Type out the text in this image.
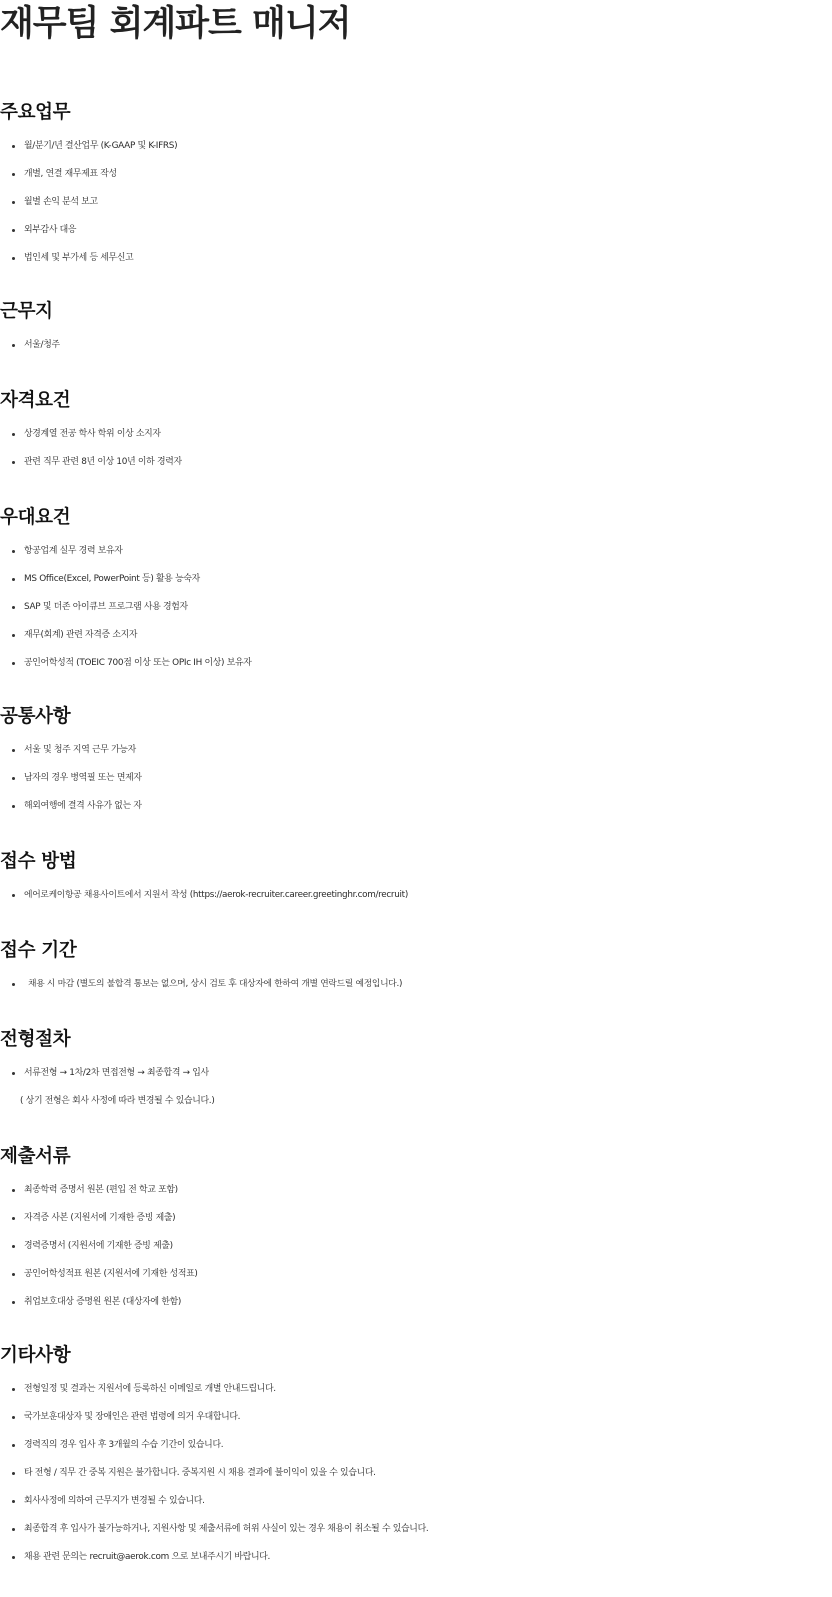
재무팀 회계파트 매니저
주요업무
월/분기/년 결산업무 (K-GAAP 및 K-IFRS)
개별, 연결 재무제표 작성
월별 손익 분석 보고
외부감사 대응
법인세 및 부가세 등 세무신고
근무지
서울/청주
자격요건
상경계열 전공 학사 학위 이상 소지자
관련 직무 관련 8년 이상 10년 이하 경력자
우대요건
항공업계 실무 경력 보유자
MS Office(Excel, PowerPoint 등) 활용 능숙자
SAP 및 더존 아이큐브 프로그램 사용 경험자
재무(회계) 관련 자격증 소지자
공인어학성적 (TOEIC 700점 이상 또는 OPIc IH 이상) 보유자
공통사항
서울 및 청주 지역 근무 가능자
남자의 경우 병역필 또는 면제자
해외여행에 결격 사유가 없는 자
접수 방법
에어로케이항공 채용사이트에서 지원서 작성 (https://aerok-recruiter.career.greetinghr.com/recruit)
접수 기간
채용 시 마감 (별도의 불합격 통보는 없으며, 상시 검토 후 대상자에 한하여 개별 연락드릴 예정입니다.)
전형절차
서류전형 → 1차/2차 면접전형 → 최종합격 → 입사
( 상기 전형은 회사 사정에 따라 변경될 수 있습니다.)
제출서류
최종학력 증명서 원본 (편입 전 학교 포함)
자격증 사본 (지원서에 기재한 증빙 제출)
경력증명서 (지원서에 기재한 증빙 제출)
공인어학성적표 원본 (지원서에 기재한 성적표)
취업보호대상 증명원 원본 (대상자에 한함)
기타사항
전형일정 및 결과는 지원서에 등록하신 이메일로 개별 안내드립니다.
국가보훈대상자 및 장애인은 관련 법령에 의거 우대합니다.
경력직의 경우 입사 후 3개월의 수습 기간이 있습니다.
타 전형 / 직무 간 중복 지원은 불가합니다. 중복지원 시 채용 결과에 불이익이 있을 수 있습니다.
회사사정에 의하여 근무지가 변경될 수 있습니다.
최종합격 후 입사가 불가능하거나, 지원사항 및 제출서류에 허위 사실이 있는 경우 채용이 취소될 수 있습니다.
채용 관련 문의는 recruit@aerok.com 으로 보내주시기 바랍니다.
